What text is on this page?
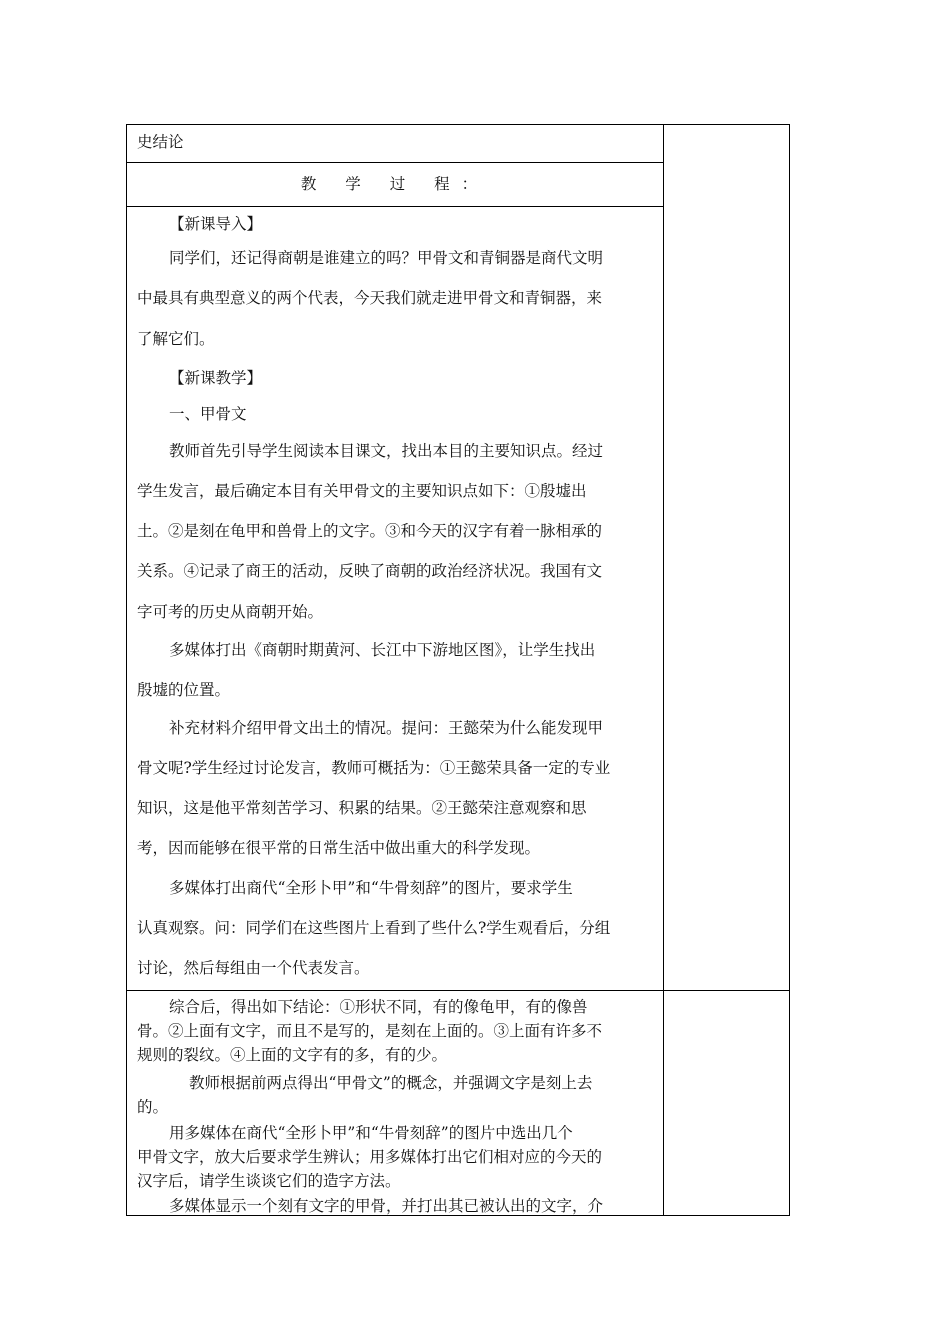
史结论
教 学 过 程：
【新课导入】
同学们，还记得商朝是谁建立的吗？甲骨文和青铜器是商代文明
中最具有典型意义的两个代表，今天我们就走进甲骨文和青铜器，来
了解它们。
【新课教学】
一、甲骨文
教师首先引导学生阅读本目课文，找出本目的主要知识点。经过
学生发言，最后确定本目有关甲骨文的主要知识点如下：①殷墟出
土。②是刻在龟甲和兽骨上的文字。③和今天的汉字有着一脉相承的
关系。④记录了商王的活动，反映了商朝的政治经济状况。我国有文
字可考的历史从商朝开始。
多媒体打出《商朝时期黄河、长江中下游地区图》，让学生找出
殷墟的位置。
补充材料介绍甲骨文出土的情况。提问：王懿荣为什么能发现甲
骨文呢?学生经过讨论发言，教师可概括为：①王懿荣具备一定的专业
知识，这是他平常刻苦学习、积累的结果。②王懿荣注意观察和思
考，因而能够在很平常的日常生活中做出重大的科学发现。
多媒体打出商代“全形卜甲”和“牛骨刻辞”的图片，要求学生
认真观察。问：同学们在这些图片上看到了些什么?学生观看后，分组
讨论，然后每组由一个代表发言。
综合后，得出如下结论：①形状不同，有的像龟甲，有的像兽
骨。②上面有文字，而且不是写的，是刻在上面的。③上面有许多不
规则的裂纹。④上面的文字有的多，有的少。
教师根据前两点得出“甲骨文”的概念，并强调文字是刻上去
的。
用多媒体在商代“全形卜甲”和“牛骨刻辞”的图片中选出几个
甲骨文字，放大后要求学生辨认；用多媒体打出它们相对应的今天的
汉字后，请学生谈谈它们的造字方法。
多媒体显示一个刻有文字的甲骨，并打出其已被认出的文字，介
